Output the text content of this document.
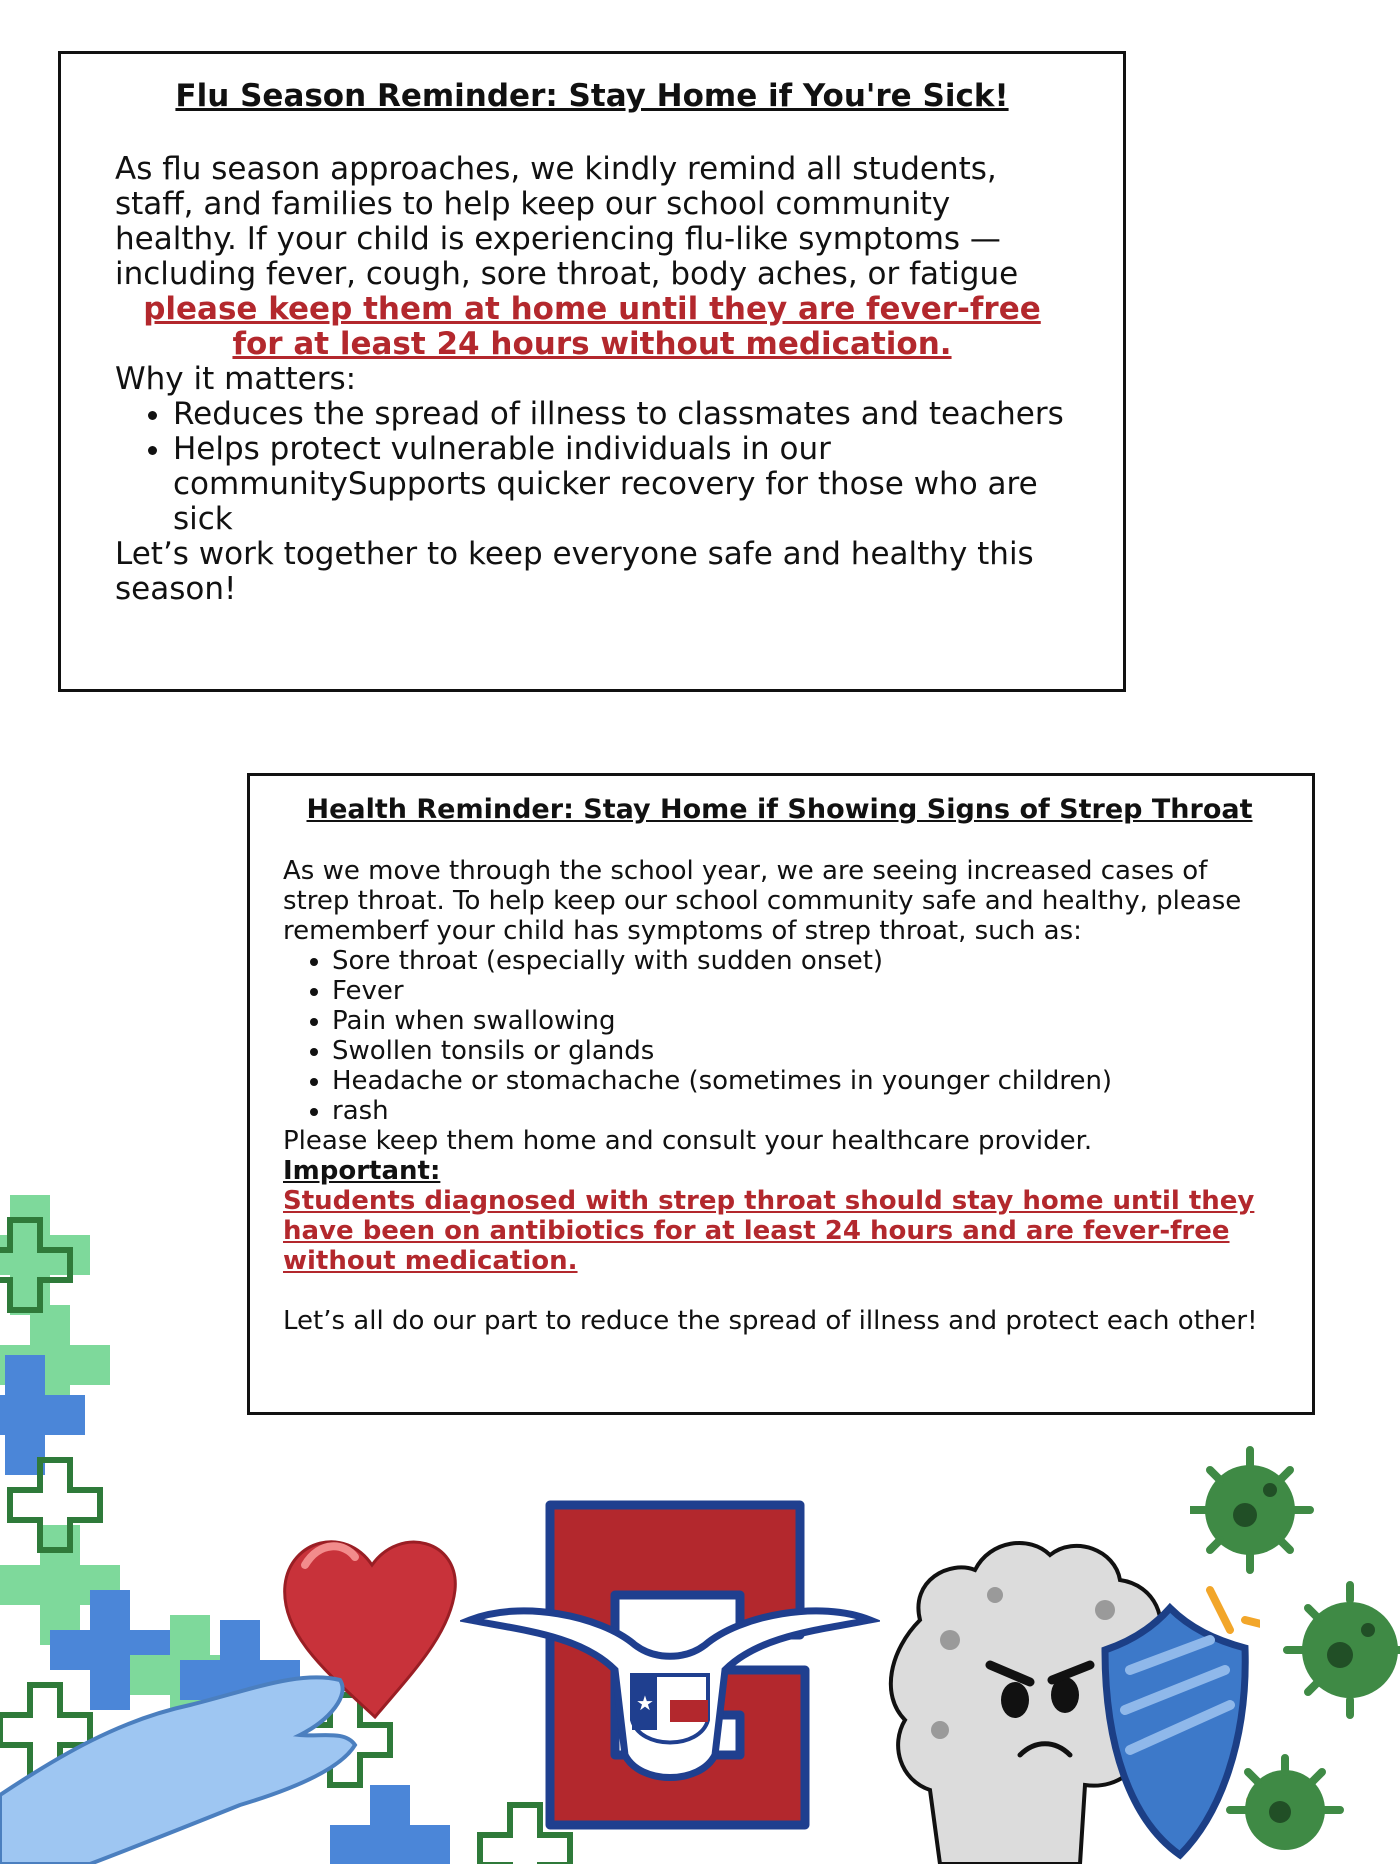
Flu Season Reminder: Stay Home if You're Sick!

As flu season approaches, we kindly remind all students, staff, and families to help keep our school community healthy. If your child is experiencing flu-like symptoms — including fever, cough, sore throat, body aches, or fatigue

please keep them at home until they are fever-free for at least 24 hours without medication.

Why it matters:

• Reduces the spread of illness to classmates and teachers
• Helps protect vulnerable individuals in our communitySupports quicker recovery for those who are sick

Let’s work together to keep everyone safe and healthy this season!

Health Reminder: Stay Home if Showing Signs of Strep Throat

As we move through the school year, we are seeing increased cases of strep throat. To help keep our school community safe and healthy, please rememberf your child has symptoms of strep throat, such as:

• Sore throat (especially with sudden onset)
• Fever
• Pain when swallowing
• Swollen tonsils or glands
• Headache or stomachache (sometimes in younger children)
• rash

Please keep them home and consult your healthcare provider.

Important:

Students diagnosed with strep throat should stay home until they have been on antibiotics for at least 24 hours and are fever-free without medication.

Let’s all do our part to reduce the spread of illness and protect each other!

★
